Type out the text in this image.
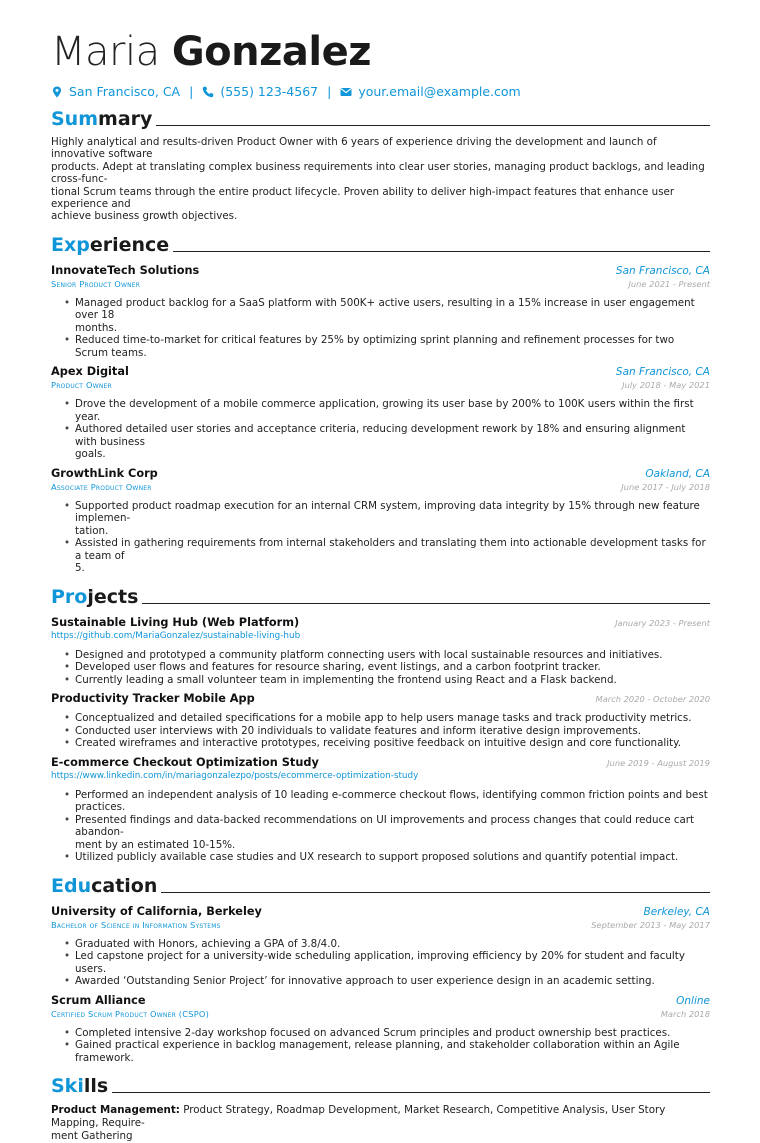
Maria Gonzalez
San Francisco, CA | (555) 123-4567 | your.email@example.com
Summary
Highly analytical and results-driven Product Owner with 6 years of experience driving the development and launch of innovative software
products. Adept at translating complex business requirements into clear user stories, managing product backlogs, and leading cross-func-
tional Scrum teams through the entire product lifecycle. Proven ability to deliver high-impact features that enhance user experience and
achieve business growth objectives.
Experience
InnovateTech Solutions	San Francisco, CA
Senior Product Owner	June 2021 - Present
• Managed product backlog for a SaaS platform with 500K+ active users, resulting in a 15% increase in user engagement over 18
months.
• Reduced time-to-market for critical features by 25% by optimizing sprint planning and refinement processes for two Scrum teams.
Apex Digital	San Francisco, CA
Product Owner	July 2018 - May 2021
• Drove the development of a mobile commerce application, growing its user base by 200% to 100K users within the first year.
• Authored detailed user stories and acceptance criteria, reducing development rework by 18% and ensuring alignment with business
goals.
GrowthLink Corp	Oakland, CA
Associate Product Owner	June 2017 - July 2018
• Supported product roadmap execution for an internal CRM system, improving data integrity by 15% through new feature implemen-
tation.
• Assisted in gathering requirements from internal stakeholders and translating them into actionable development tasks for a team of
5.
Projects
Sustainable Living Hub (Web Platform)	January 2023 - Present
https://github.com/MariaGonzalez/sustainable-living-hub
• Designed and prototyped a community platform connecting users with local sustainable resources and initiatives.
• Developed user flows and features for resource sharing, event listings, and a carbon footprint tracker.
• Currently leading a small volunteer team in implementing the frontend using React and a Flask backend.
Productivity Tracker Mobile App	March 2020 - October 2020
• Conceptualized and detailed specifications for a mobile app to help users manage tasks and track productivity metrics.
• Conducted user interviews with 20 individuals to validate features and inform iterative design improvements.
• Created wireframes and interactive prototypes, receiving positive feedback on intuitive design and core functionality.
E-commerce Checkout Optimization Study	June 2019 - August 2019
https://www.linkedin.com/in/mariagonzalezpo/posts/ecommerce-optimization-study
• Performed an independent analysis of 10 leading e-commerce checkout flows, identifying common friction points and best practices.
• Presented findings and data-backed recommendations on UI improvements and process changes that could reduce cart abandon-
ment by an estimated 10-15%.
• Utilized publicly available case studies and UX research to support proposed solutions and quantify potential impact.
Education
University of California, Berkeley	Berkeley, CA
Bachelor of Science in Information Systems	September 2013 - May 2017
• Graduated with Honors, achieving a GPA of 3.8/4.0.
• Led capstone project for a university-wide scheduling application, improving efficiency by 20% for student and faculty users.
• Awarded ‘Outstanding Senior Project’ for innovative approach to user experience design in an academic setting.
Scrum Alliance	Online
Certified Scrum Product Owner (CSPO)	March 2018
• Completed intensive 2-day workshop focused on advanced Scrum principles and product ownership best practices.
• Gained practical experience in backlog management, release planning, and stakeholder collaboration within an Agile framework.
Skills
Product Management: Product Strategy, Roadmap Development, Market Research, Competitive Analysis, User Story Mapping, Require-
ment Gathering
